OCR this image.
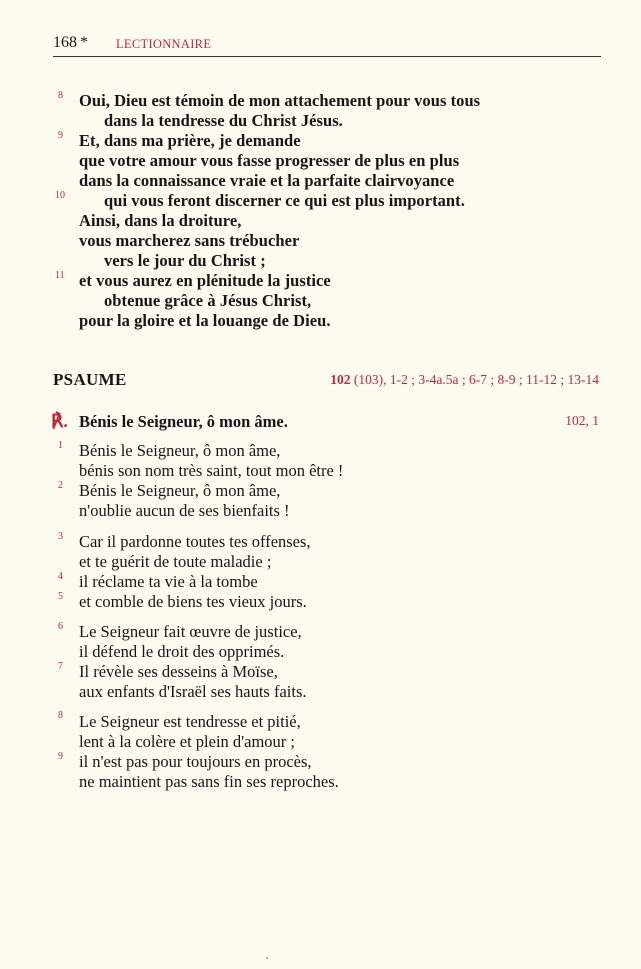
168 * LECTIONNAIRE
8
9
10
11
Oui, Dieu est témoin de mon attachement pour vous tous
dans la tendresse du Christ Jésus.
Et, dans ma prière, je demande
que votre amour vous fasse progresser de plus en plus
dans la connaissance vraie et la parfaite clairvoyance
qui vous feront discerner ce qui est plus important.
Ainsi, dans la droiture,
vous marcherez sans trébucher
vers le jour du Christ ;
et vous aurez en plénitude la justice
obtenue grâce à Jésus Christ,
pour la gloire et la louange de Dieu.
PSAUME	102 (103), 1-2 ; 3-4a.5a ; 6-7 ; 8-9 ; 11-12 ; 13-14
℟. Bénis le Seigneur, ô mon âme.	102, 1
1
2
3
4
5
6
7
8
9
Bénis le Seigneur, ô mon âme,
bénis son nom très saint, tout mon être !
Bénis le Seigneur, ô mon âme,
n'oublie aucun de ses bienfaits !
Car il pardonne toutes tes offenses,
et te guérit de toute maladie ;
il réclame ta vie à la tombe
et comble de biens tes vieux jours.
Le Seigneur fait œuvre de justice,
il défend le droit des opprimés.
Il révèle ses desseins à Moïse,
aux enfants d'Israël ses hauts faits.
Le Seigneur est tendresse et pitié,
lent à la colère et plein d'amour ;
il n'est pas pour toujours en procès,
ne maintient pas sans fin ses reproches.
